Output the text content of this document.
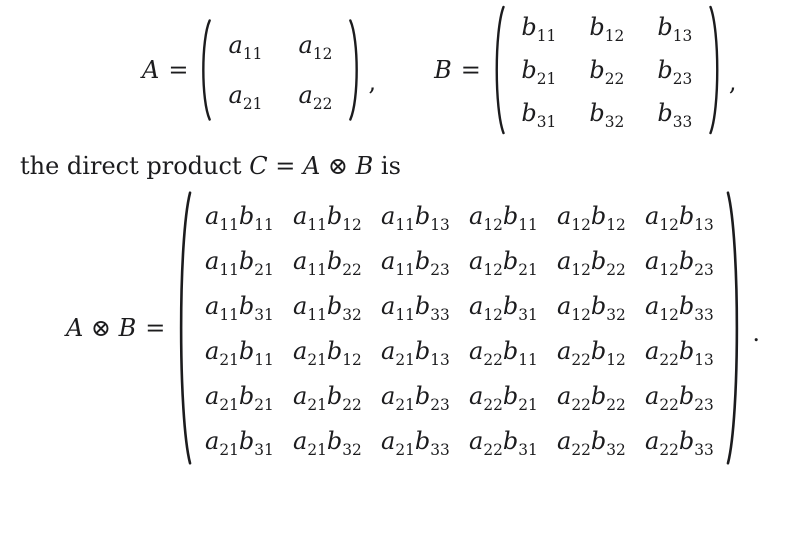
A =
$a_{11}$	$a_{12}$
$a_{21}$	$a_{22}$
, B =
$b_{11}$	$b_{12}$	$b_{13}$
$b_{21}$	$b_{22}$	$b_{23}$
$b_{31}$	$b_{32}$	$b_{33}$
,
the direct product C = A ⊗ B is
A ⊗ B =
$a_{11}b_{11}$ $a_{11}b_{12}$ $a_{11}b_{13}$ $a_{12}b_{11}$ $a_{12}b_{12}$ $a_{12}b_{13}$
$a_{11}b_{21}$ $a_{11}b_{22}$ $a_{11}b_{23}$ $a_{12}b_{21}$ $a_{12}b_{22}$ $a_{12}b_{23}$
$a_{11}b_{31}$ $a_{11}b_{32}$ $a_{11}b_{33}$ $a_{12}b_{31}$ $a_{12}b_{32}$ $a_{12}b_{33}$
$a_{21}b_{11}$ $a_{21}b_{12}$ $a_{21}b_{13}$ $a_{22}b_{11}$ $a_{22}b_{12}$ $a_{22}b_{13}$
$a_{21}b_{21}$ $a_{21}b_{22}$ $a_{21}b_{23}$ $a_{22}b_{21}$ $a_{22}b_{22}$ $a_{22}b_{23}$
$a_{21}b_{31}$ $a_{21}b_{32}$ $a_{21}b_{33}$ $a_{22}b_{31}$ $a_{22}b_{32}$ $a_{22}b_{33}$
.
